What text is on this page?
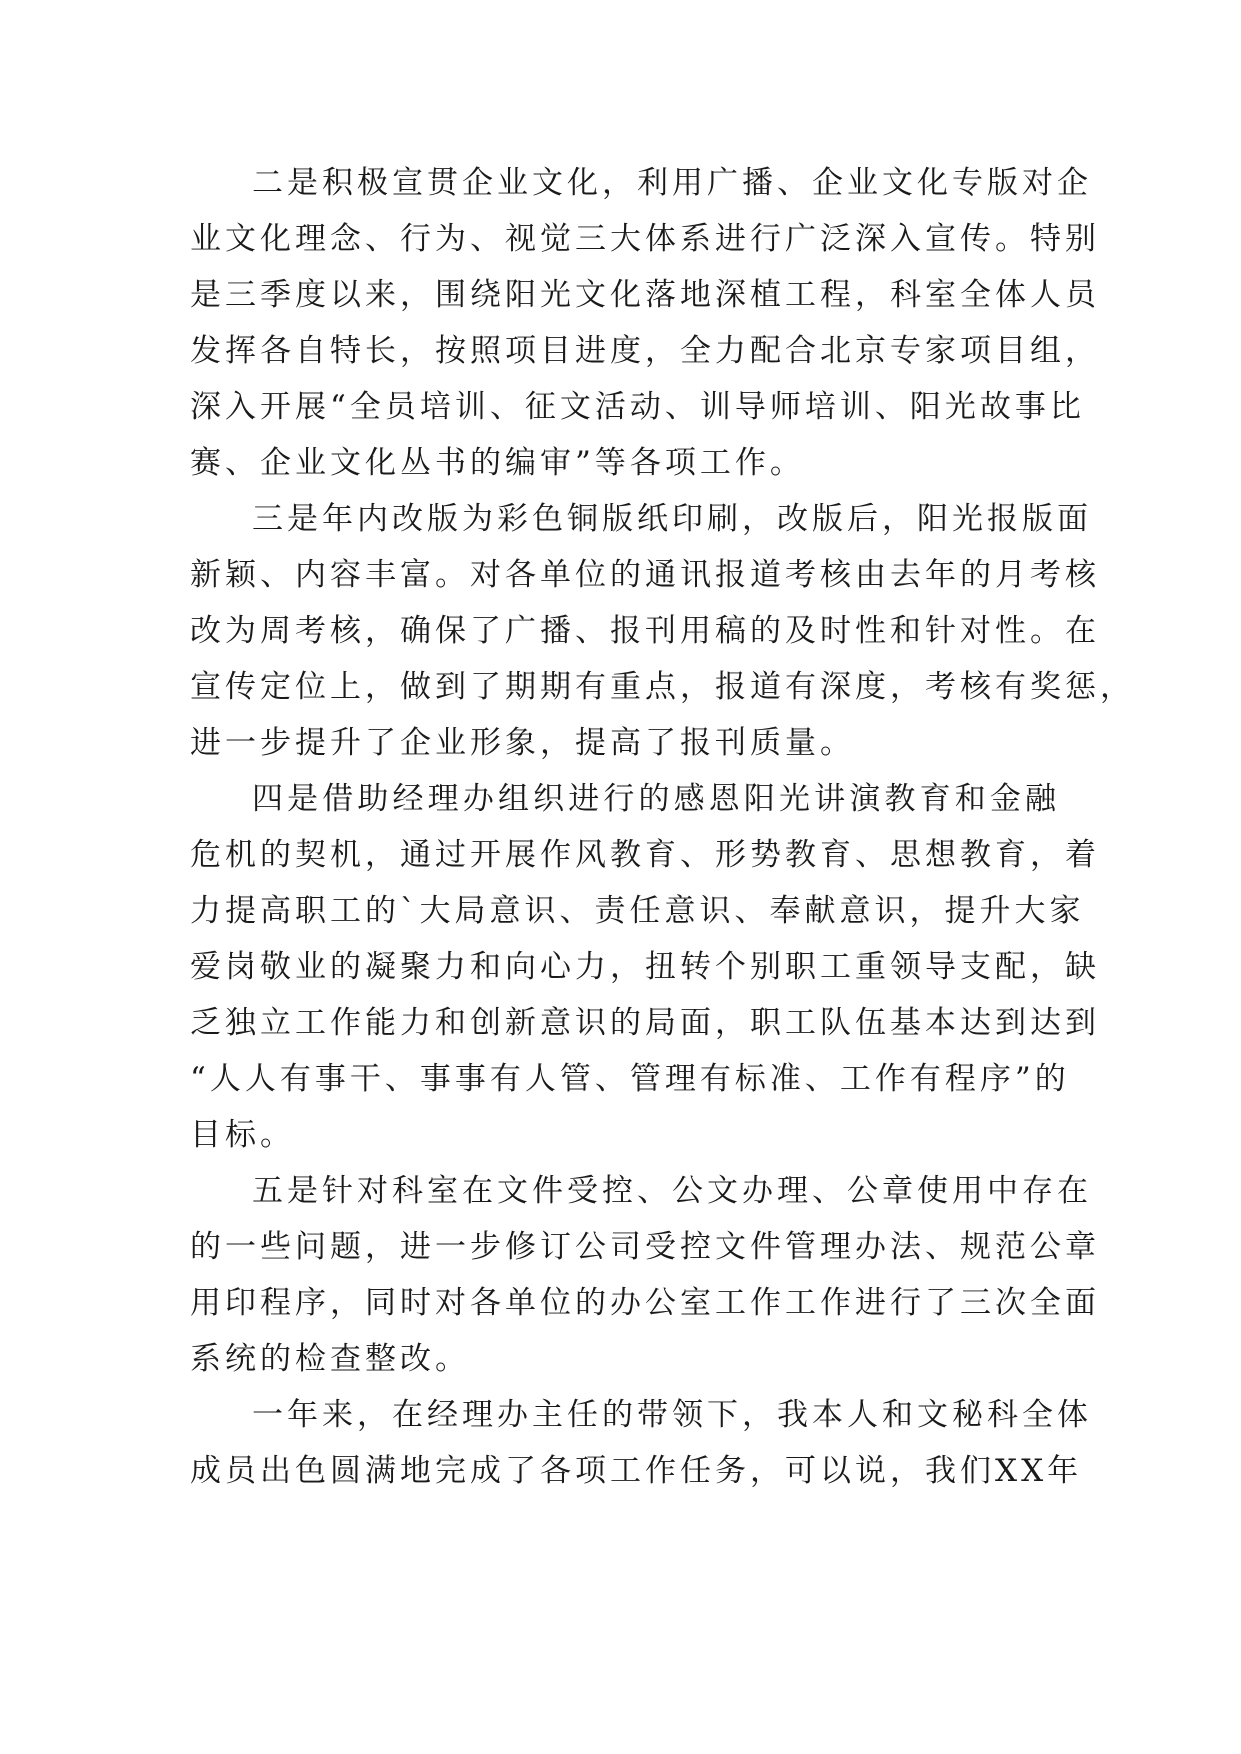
二是积极宣贯企业文化，利用广播、企业文化专版对企
业文化理念、行为、视觉三大体系进行广泛深入宣传。特别
是三季度以来，围绕阳光文化落地深植工程，科室全体人员
发挥各自特长，按照项目进度，全力配合北京专家项目组，
深入开展“全员培训、征文活动、训导师培训、阳光故事比
赛、企业文化丛书的编审”等各项工作。

三是年内改版为彩色铜版纸印刷，改版后，阳光报版面
新颖、内容丰富。对各单位的通讯报道考核由去年的月考核
改为周考核，确保了广播、报刊用稿的及时性和针对性。在
宣传定位上，做到了期期有重点，报道有深度，考核有奖惩，
进一步提升了企业形象，提高了报刊质量。

四是借助经理办组织进行的感恩阳光讲演教育和金融
危机的契机，通过开展作风教育、形势教育、思想教育，着
力提高职工的`大局意识、责任意识、奉献意识，提升大家
爱岗敬业的凝聚力和向心力，扭转个别职工重领导支配，缺
乏独立工作能力和创新意识的局面，职工队伍基本达到达到
“人人有事干、事事有人管、管理有标准、工作有程序”的
目标。

五是针对科室在文件受控、公文办理、公章使用中存在
的一些问题，进一步修订公司受控文件管理办法、规范公章
用印程序，同时对各单位的办公室工作工作进行了三次全面
系统的检查整改。

一年来，在经理办主任的带领下，我本人和文秘科全体
成员出色圆满地完成了各项工作任务，可以说，我们XX年
